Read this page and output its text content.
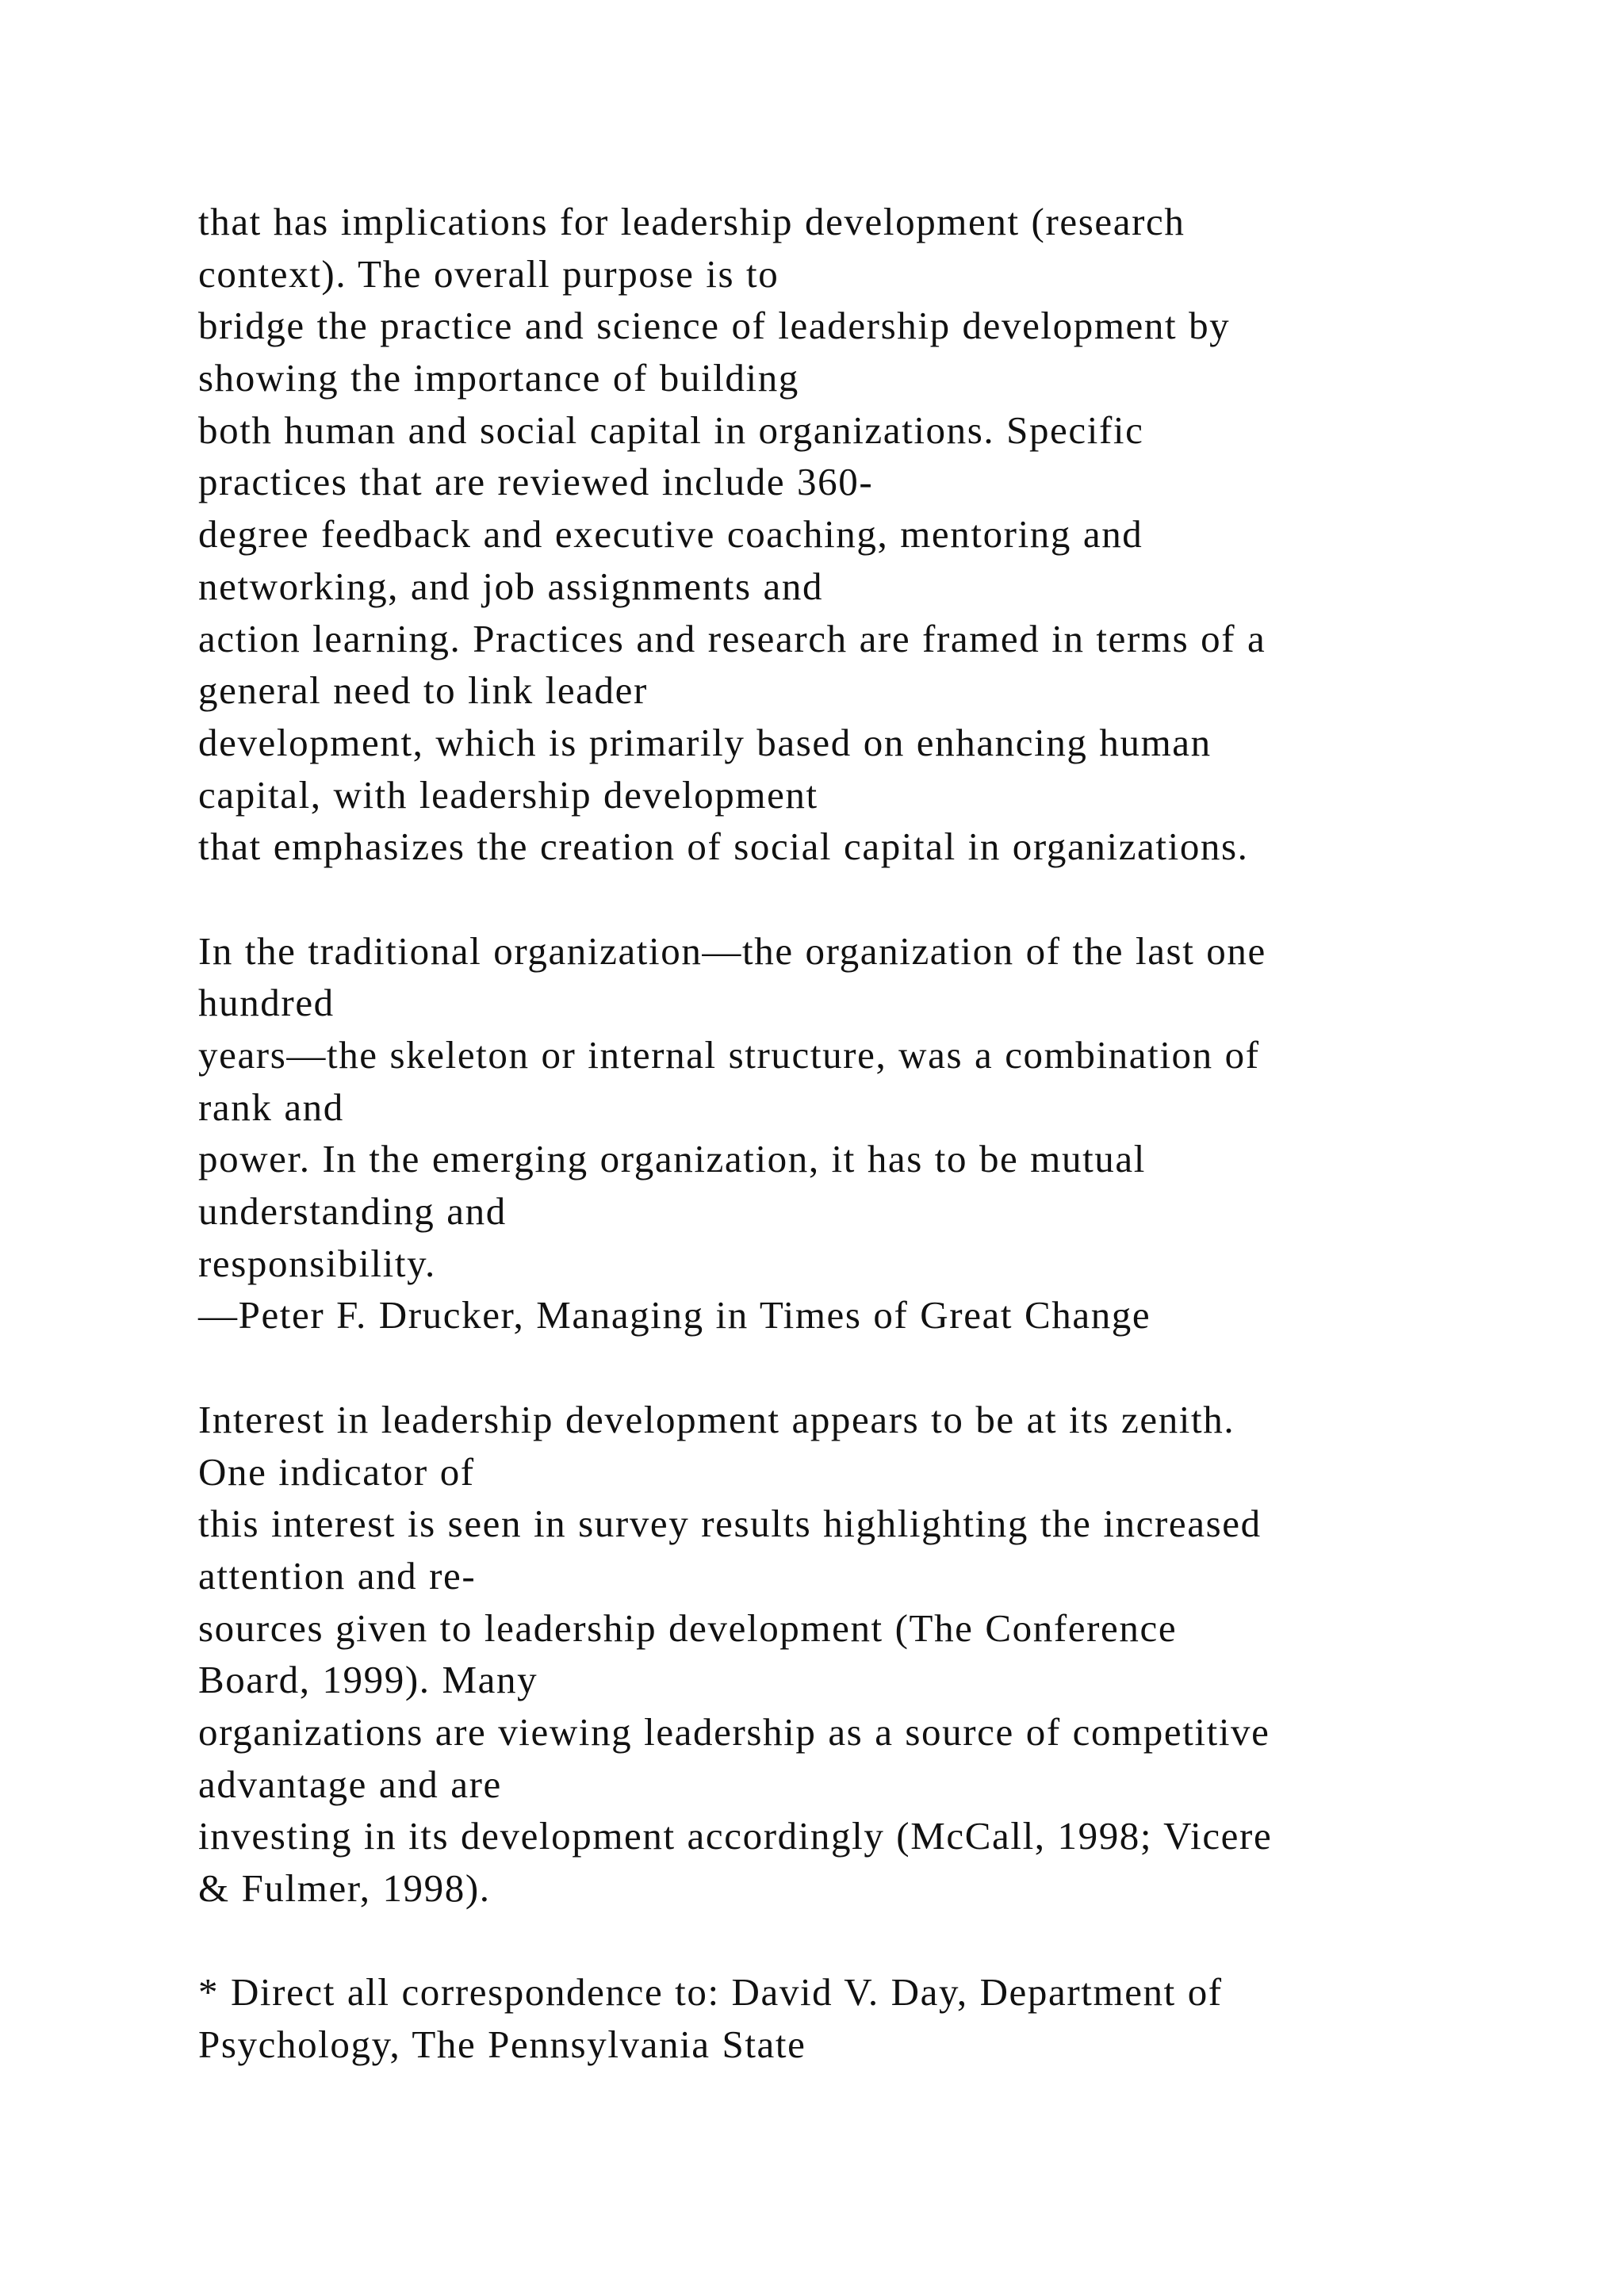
that has implications for leadership development (research
context). The overall purpose is to
bridge the practice and science of leadership development by
showing the importance of building
both human and social capital in organizations. Specific
practices that are reviewed include 360-
degree feedback and executive coaching, mentoring and
networking, and job assignments and
action learning. Practices and research are framed in terms of a
general need to link leader
development, which is primarily based on enhancing human
capital, with leadership development
that emphasizes the creation of social capital in organizations.
In the traditional organization—the organization of the last one
hundred
years—the skeleton or internal structure, was a combination of
rank and
power. In the emerging organization, it has to be mutual
understanding and
responsibility.
—Peter F. Drucker, Managing in Times of Great Change
Interest in leadership development appears to be at its zenith.
One indicator of
this interest is seen in survey results highlighting the increased
attention and re-
sources given to leadership development (The Conference
Board, 1999). Many
organizations are viewing leadership as a source of competitive
advantage and are
investing in its development accordingly (McCall, 1998; Vicere
& Fulmer, 1998).
* Direct all correspondence to: David V. Day, Department of
Psychology, The Pennsylvania State
